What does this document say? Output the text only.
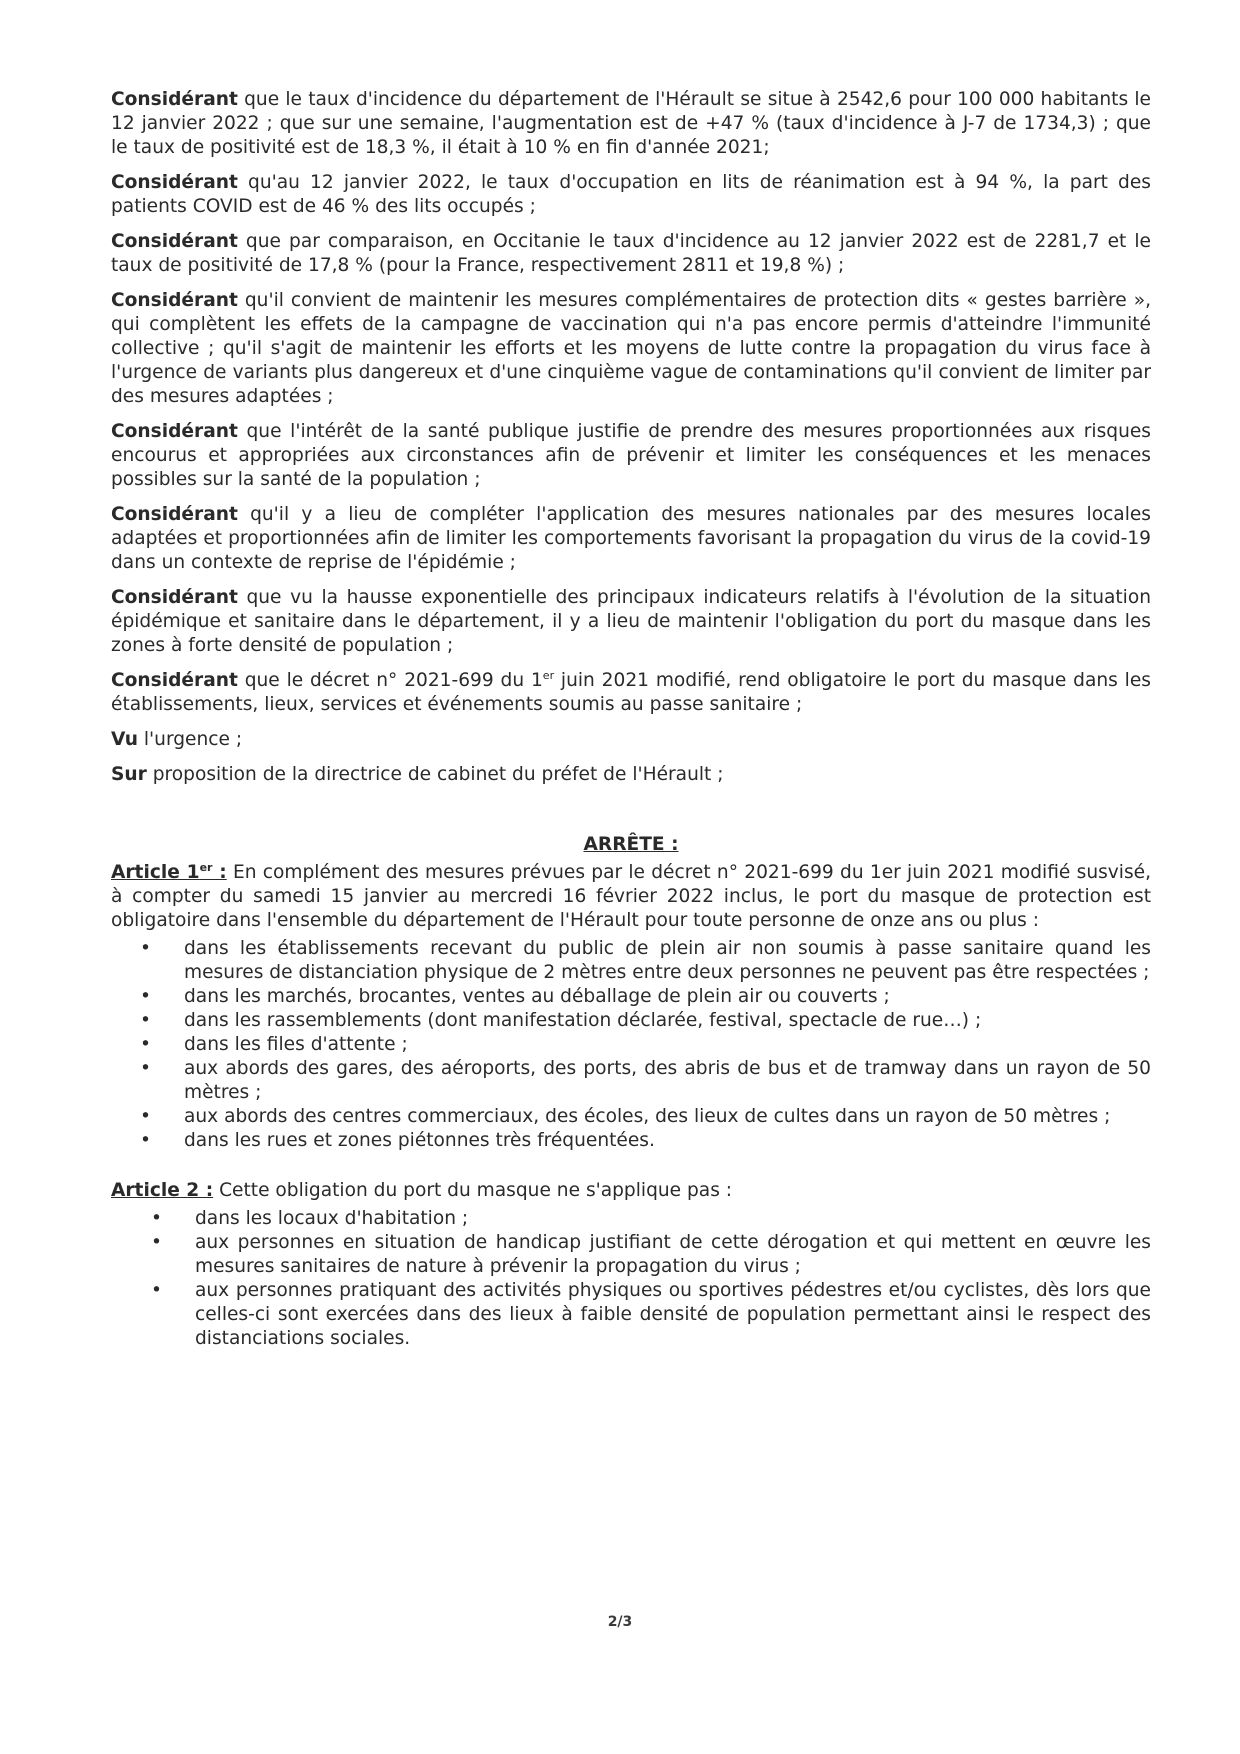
Considérant que le taux d'incidence du département de l'Hérault se situe à 2542,6 pour 100 000 habitants le 12 janvier 2022 ; que sur une semaine, l'augmentation est de +47 % (taux d'incidence à J-7 de 1734,3) ; que le taux de positivité est de 18,3 %, il était à 10 % en fin d'année 2021;

Considérant qu'au 12 janvier 2022, le taux d'occupation en lits de réanimation est à 94 %, la part des patients COVID est de 46 % des lits occupés ;

Considérant que par comparaison, en Occitanie le taux d'incidence au 12 janvier 2022 est de 2281,7 et le taux de positivité de 17,8 % (pour la France, respectivement 2811 et 19,8 %) ;

Considérant qu'il convient de maintenir les mesures complémentaires de protection dits « gestes barrière », qui complètent les effets de la campagne de vaccination qui n'a pas encore permis d'atteindre l'immunité collective ; qu'il s'agit de maintenir les efforts et les moyens de lutte contre la propagation du virus face à l'urgence de variants plus dangereux et d'une cinquième vague de contaminations qu'il convient de limiter par des mesures adaptées ;

Considérant que l'intérêt de la santé publique justifie de prendre des mesures proportionnées aux risques encourus et appropriées aux circonstances afin de prévenir et limiter les conséquences et les menaces possibles sur la santé de la population ;

Considérant qu'il y a lieu de compléter l'application des mesures nationales par des mesures locales adaptées et proportionnées afin de limiter les comportements favorisant la propagation du virus de la covid-19 dans un contexte de reprise de l'épidémie ;

Considérant que vu la hausse exponentielle des principaux indicateurs relatifs à l'évolution de la situation épidémique et sanitaire dans le département, il y a lieu de maintenir l'obligation du port du masque dans les zones à forte densité de population ;

Considérant que le décret n° 2021-699 du 1er juin 2021 modifié, rend obligatoire le port du masque dans les établissements, lieux, services et événements soumis au passe sanitaire ;

Vu l'urgence ;

Sur proposition de la directrice de cabinet du préfet de l'Hérault ;

ARRÊTE :

Article 1er : En complément des mesures prévues par le décret n° 2021-699 du 1er juin 2021 modifié susvisé, à compter du samedi 15 janvier au mercredi 16 février 2022 inclus, le port du masque de protection est obligatoire dans l'ensemble du département de l'Hérault pour toute personne de onze ans ou plus :

• dans les établissements recevant du public de plein air non soumis à passe sanitaire quand les mesures de distanciation physique de 2 mètres entre deux personnes ne peuvent pas être respectées ;
• dans les marchés, brocantes, ventes au déballage de plein air ou couverts ;
• dans les rassemblements (dont manifestation déclarée, festival, spectacle de rue…) ;
• dans les files d'attente ;
• aux abords des gares, des aéroports, des ports, des abris de bus et de tramway dans un rayon de 50 mètres ;
• aux abords des centres commerciaux, des écoles, des lieux de cultes dans un rayon de 50 mètres ;
• dans les rues et zones piétonnes très fréquentées.

Article 2 : Cette obligation du port du masque ne s'applique pas :

• dans les locaux d'habitation ;
• aux personnes en situation de handicap justifiant de cette dérogation et qui mettent en œuvre les mesures sanitaires de nature à prévenir la propagation du virus ;
• aux personnes pratiquant des activités physiques ou sportives pédestres et/ou cyclistes, dès lors que celles-ci sont exercées dans des lieux à faible densité de population permettant ainsi le respect des distanciations sociales.
2/3
